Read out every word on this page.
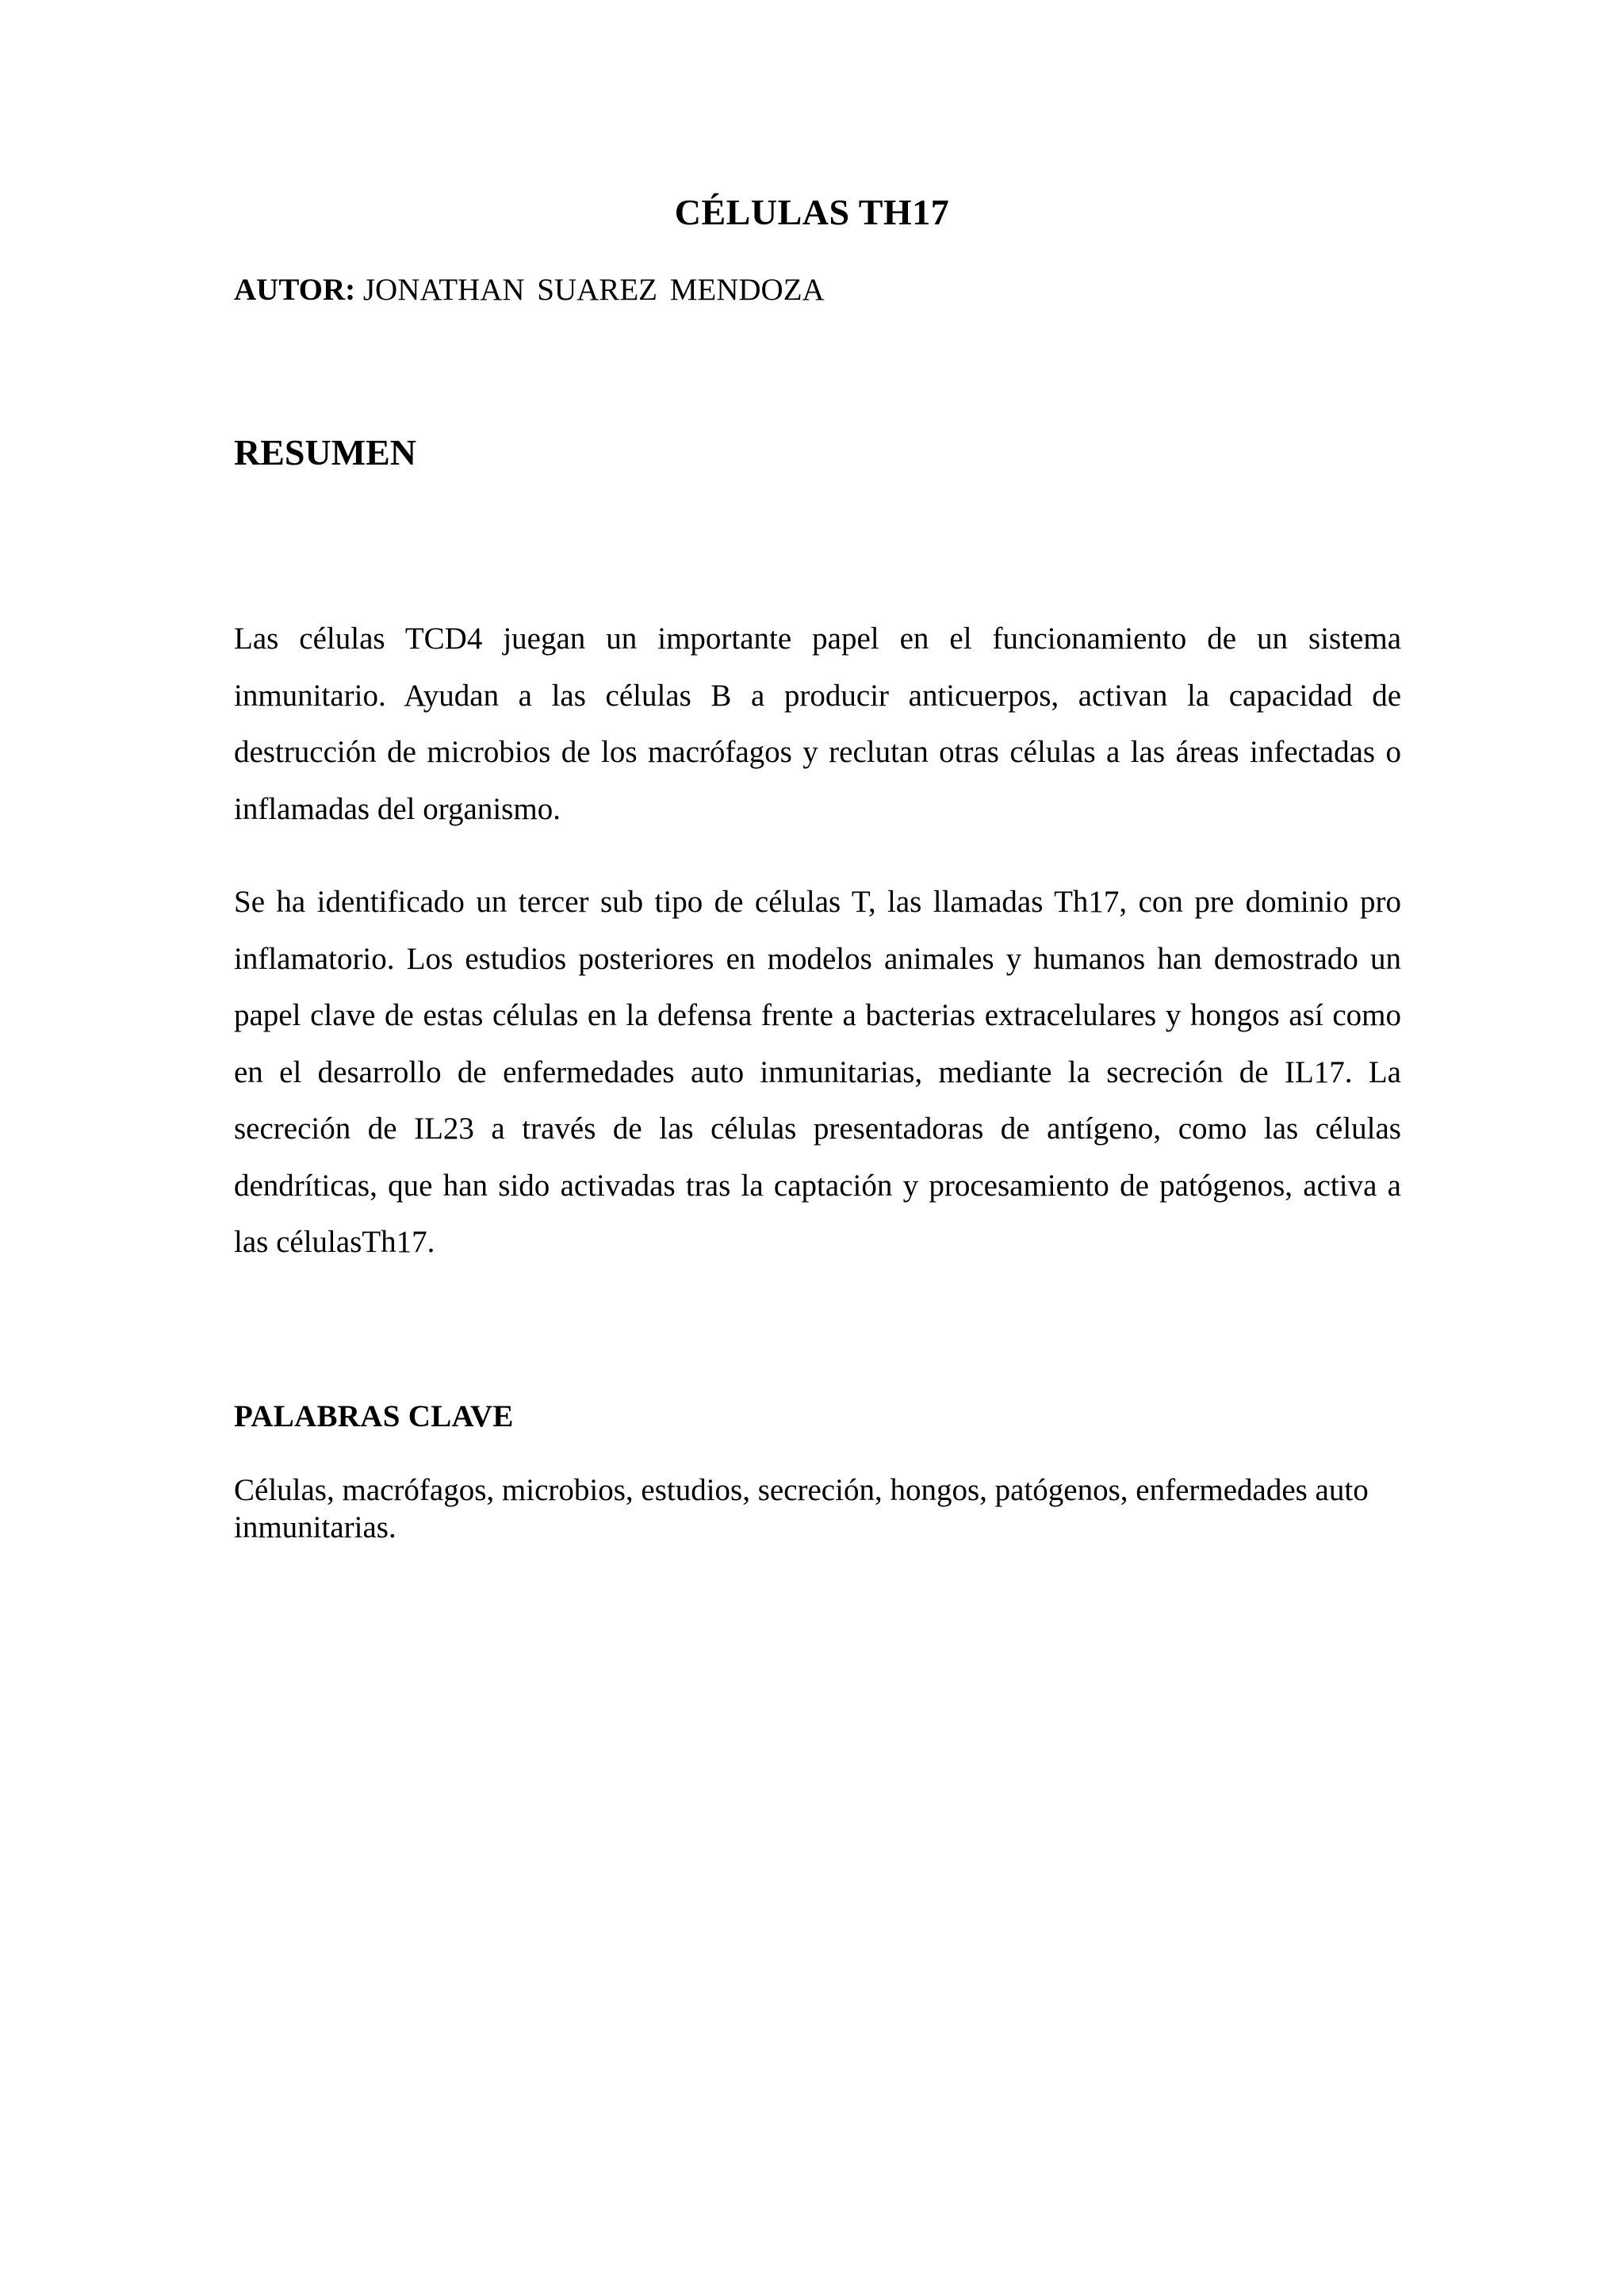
CÉLULAS TH17
AUTOR: JONATHAN SUAREZ MENDOZA
RESUMEN

Las células TCD4 juegan un importante papel en el funcionamiento de un sistema inmunitario. Ayudan a las células B a producir anticuerpos, activan la capacidad de destrucción de microbios de los macrófagos y reclutan otras células a las áreas infectadas o inflamadas del organismo.

Se ha identificado un tercer sub tipo de células T, las llamadas Th17, con pre dominio pro inflamatorio. Los estudios posteriores en modelos animales y humanos han demostrado un papel clave de estas células en la defensa frente a bacterias extracelulares y hongos así como en el desarrollo de enfermedades auto inmunitarias, mediante la secreción de IL17. La secreción de IL23 a través de las células presentadoras de antígeno, como las células dendríticas, que han sido activadas tras la captación y procesamiento de patógenos, activa a las célulasTh17.

PALABRAS CLAVE

Células, macrófagos, microbios, estudios, secreción, hongos, patógenos, enfermedades auto inmunitarias.
